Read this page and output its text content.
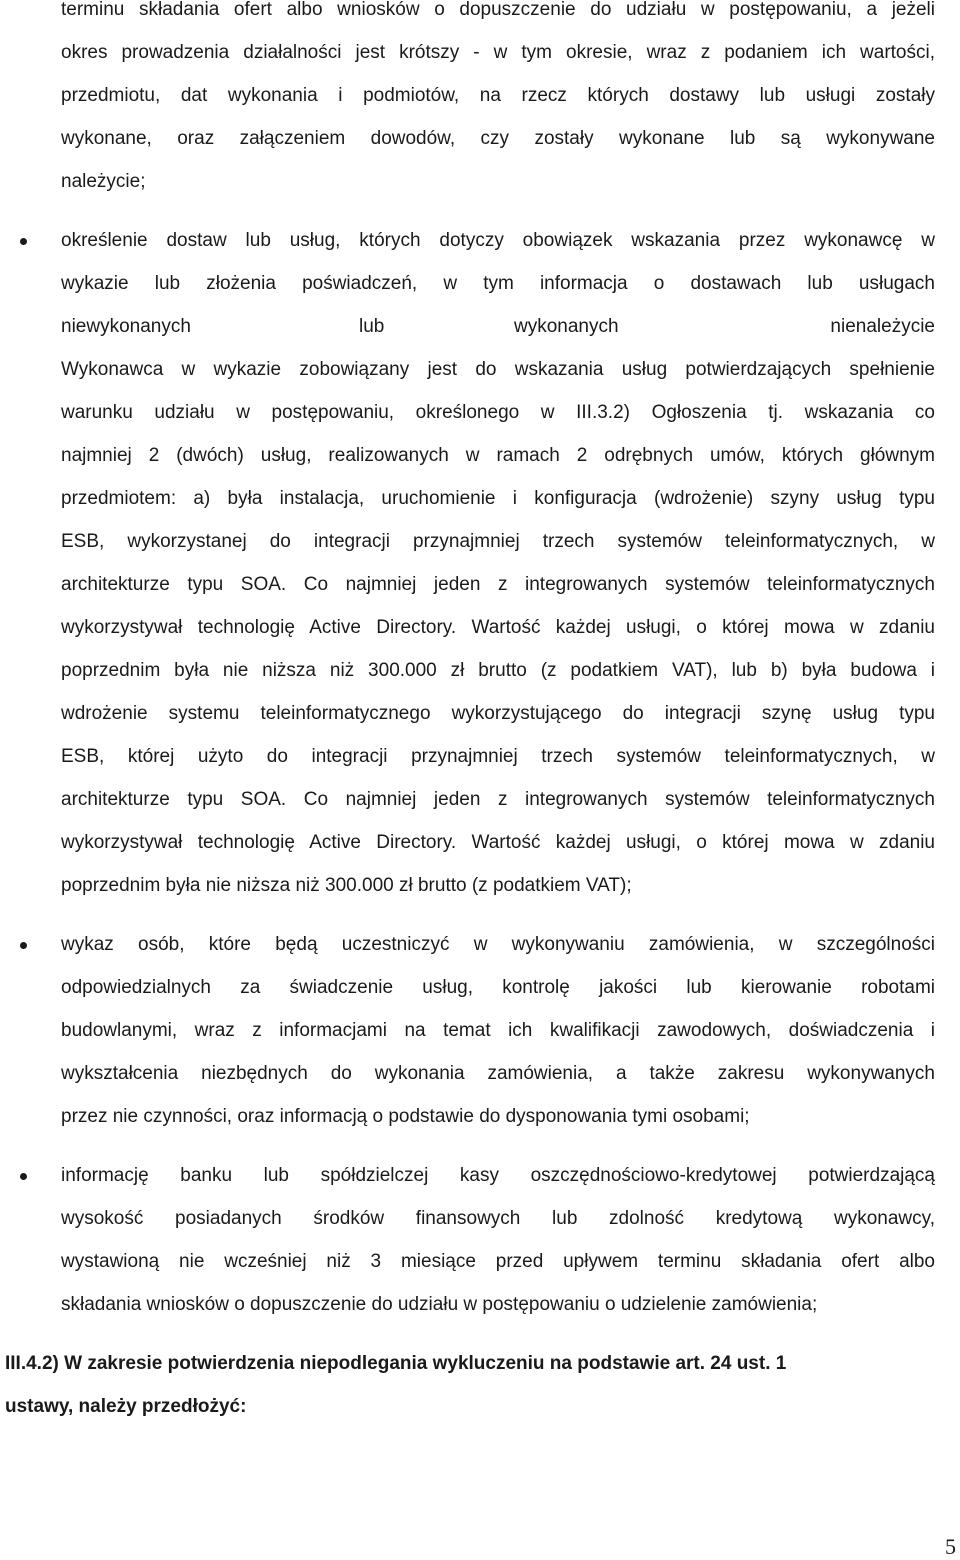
terminu składania ofert albo wniosków o dopuszczenie do udziału w postępowaniu, a jeżeli
okres prowadzenia działalności jest krótszy - w tym okresie, wraz z podaniem ich wartości,
przedmiotu, dat wykonania i podmiotów, na rzecz których dostawy lub usługi zostały
wykonane, oraz załączeniem dowodów, czy zostały wykonane lub są wykonywane
należycie;
określenie dostaw lub usług, których dotyczy obowiązek wskazania przez wykonawcę w
wykazie lub złożenia poświadczeń, w tym informacja o dostawach lub usługach
niewykonanych	lub	wykonanych	nienależycie
Wykonawca w wykazie zobowiązany jest do wskazania usług potwierdzających spełnienie
warunku udziału w postępowaniu, określonego w III.3.2) Ogłoszenia tj. wskazania co
najmniej 2 (dwóch) usług, realizowanych w ramach 2 odrębnych umów, których głównym
przedmiotem: a) była instalacja, uruchomienie i konfiguracja (wdrożenie) szyny usług typu
ESB, wykorzystanej do integracji przynajmniej trzech systemów teleinformatycznych, w
architekturze typu SOA. Co najmniej jeden z integrowanych systemów teleinformatycznych
wykorzystywał technologię Active Directory. Wartość każdej usługi, o której mowa w zdaniu
poprzednim była nie niższa niż 300.000 zł brutto (z podatkiem VAT), lub b) była budowa i
wdrożenie systemu teleinformatycznego wykorzystującego do integracji szynę usług typu
ESB, której użyto do integracji przynajmniej trzech systemów teleinformatycznych, w
architekturze typu SOA. Co najmniej jeden z integrowanych systemów teleinformatycznych
wykorzystywał technologię Active Directory. Wartość każdej usługi, o której mowa w zdaniu
poprzednim była nie niższa niż 300.000 zł brutto (z podatkiem VAT);
wykaz osób, które będą uczestniczyć w wykonywaniu zamówienia, w szczególności
odpowiedzialnych za świadczenie usług, kontrolę jakości lub kierowanie robotami
budowlanymi, wraz z informacjami na temat ich kwalifikacji zawodowych, doświadczenia i
wykształcenia niezbędnych do wykonania zamówienia, a także zakresu wykonywanych
przez nie czynności, oraz informacją o podstawie do dysponowania tymi osobami;
informację banku lub spółdzielczej kasy oszczędnościowo-kredytowej potwierdzającą
wysokość posiadanych środków finansowych lub zdolność kredytową wykonawcy,
wystawioną nie wcześniej niż 3 miesiące przed upływem terminu składania ofert albo
składania wniosków o dopuszczenie do udziału w postępowaniu o udzielenie zamówienia;
III.4.2) W zakresie potwierdzenia niepodlegania wykluczeniu na podstawie art. 24 ust. 1
ustawy, należy przedłożyć:
5
